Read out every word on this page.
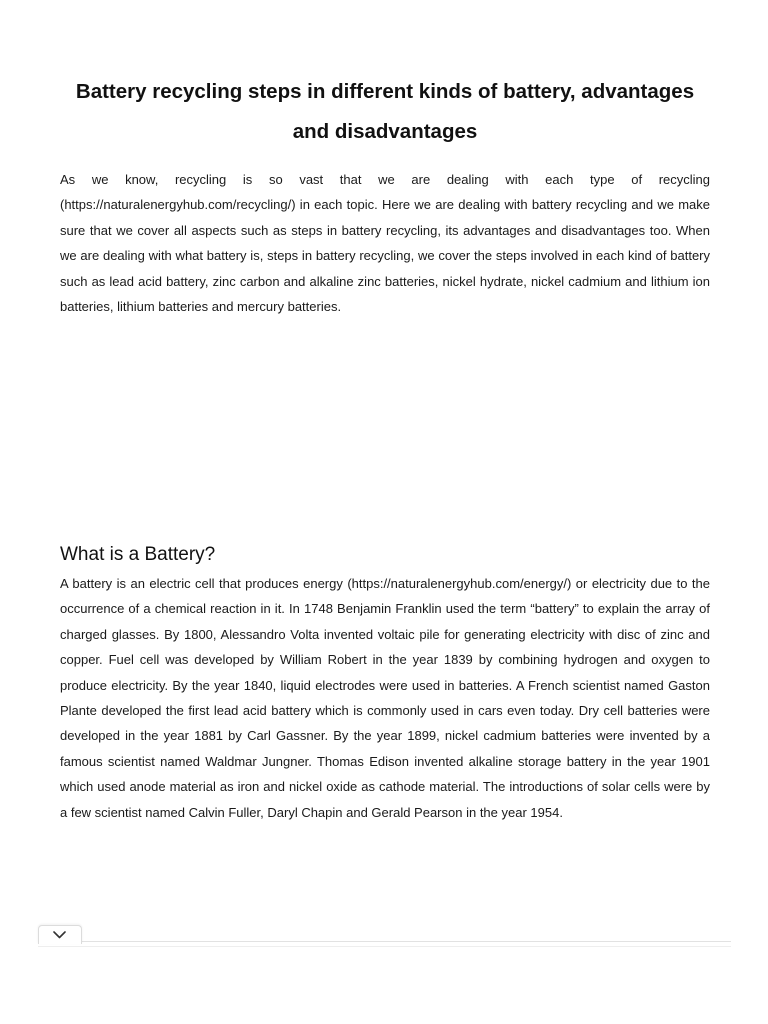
Battery recycling steps in different kinds of battery, advantages and disadvantages

As we know, recycling is so vast that we are dealing with each type of recycling (https://naturalenergyhub.com/recycling/) in each topic. Here we are dealing with battery recycling and we make sure that we cover all aspects such as steps in battery recycling, its advantages and disadvantages too. When we are dealing with what battery is, steps in battery recycling, we cover the steps involved in each kind of battery such as lead acid battery, zinc carbon and alkaline zinc batteries, nickel hydrate, nickel cadmium and lithium ion batteries, lithium batteries and mercury batteries.

What is a Battery?

A battery is an electric cell that produces energy (https://naturalenergyhub.com/energy/) or electricity due to the occurrence of a chemical reaction in it. In 1748 Benjamin Franklin used the term “battery” to explain the array of charged glasses. By 1800, Alessandro Volta invented voltaic pile for generating electricity with disc of zinc and copper. Fuel cell was developed by William Robert in the year 1839 by combining hydrogen and oxygen to produce electricity. By the year 1840, liquid electrodes were used in batteries. A French scientist named Gaston Plante developed the first lead acid battery which is commonly used in cars even today. Dry cell batteries were developed in the year 1881 by Carl Gassner. By the year 1899, nickel cadmium batteries were invented by a famous scientist named Waldmar Jungner. Thomas Edison invented alkaline storage battery in the year 1901 which used anode material as iron and nickel oxide as cathode material. The introductions of solar cells were by a few scientist named Calvin Fuller, Daryl Chapin and Gerald Pearson in the year 1954.
